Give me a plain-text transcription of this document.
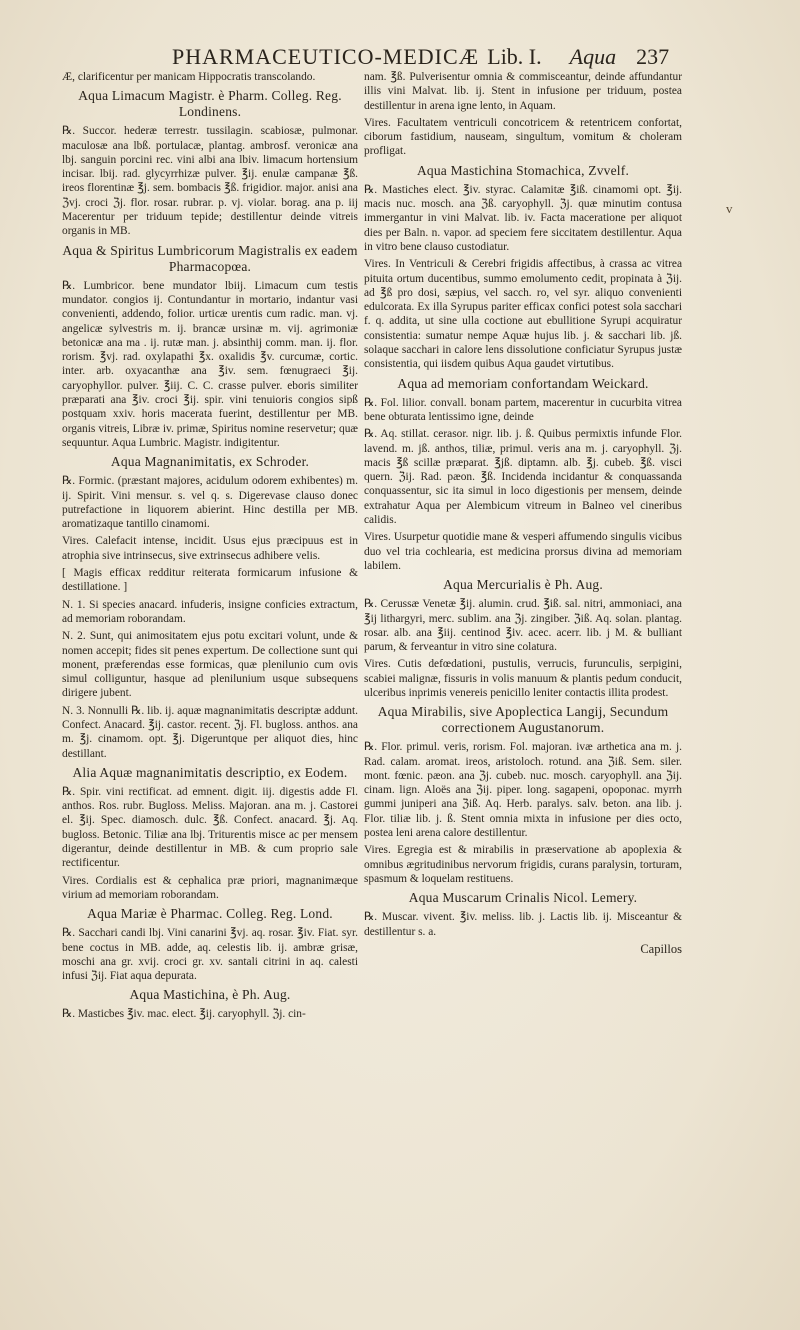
PHARMACEUTICO-MEDICÆ Lib. I. Aqua 237
v

Æ, clarificentur per manicam Hippocratis transcolando.

Aqua Limacum Magistr. è Pharm. Colleg. Reg. Londinens.

℞. Succor. hederæ terrestr. tussilagin. scabiosæ, pulmonar. maculosæ ana lbß. portulacæ, plantag. ambrosf. veronicæ ana lbj. sanguin porcini rec. vini albi ana lbiv. limacum hortensium incisar. lbij. rad. glycyrrhizæ pulver. ℥ij. enulæ campanæ ℥ß. ireos florentinæ ℥j. sem. bombacis ℥ß. frigidior. major. anisi ana ℨvj. croci ℨj. flor. rosar. rubrar. p. vj. violar. borag. ana p. iij Macerentur per triduum tepide; destillentur deinde vitreis organis in MB.

Aqua & Spiritus Lumbricorum Magistralis ex eadem Pharmacopœa.

℞. Lumbricor. bene mundator lbiij. Limacum cum testis mundator. congios ij. Contundantur in mortario, indantur vasi convenienti, addendo, folior. urticæ urentis cum radic. man. vj. angelicæ sylvestris m. ij. brancæ ursinæ m. vij. agrimoniæ betonicæ ana ma . ij. rutæ man. j. absinthij comm. man. ij. flor. rorism. ℥vj. rad. oxylapathi ℥x. oxalidis ℥v. curcumæ, cortic. inter. arb. oxyacanthæ ana ℥iv. sem. fœnugraeci ℥ij. caryophyllor. pulver. ℥iij. C. C. crasse pulver. eboris similiter præparati ana ℥iv. croci ℥ij. spir. vini tenuioris congios sipß postquam xxiv. horis macerata fuerint, destillentur per MB. organis vitreis, Libræ iv. primæ, Spiritus nomine reservetur; quæ sequuntur. Aqua Lumbric. Magistr. indigitentur.

Aqua Magnanimitatis, ex Schroder.

℞. Formic. (præstant majores, acidulum odorem exhibentes) m. ij. Spirit. Vini mensur. s. vel q. s. Digerevase clauso donec putrefactione in liquorem abierint. Hinc destilla per MB. aromatizaque tantillo cinamomi.

Vires. Calefacit intense, incidit. Usus ejus præcipuus est in atrophia sive intrinsecus, sive extrinsecus adhibere velis.

[ Magis efficax redditur reiterata formicarum infusione & destillatione. ]

N. 1. Si species anacard. infuderis, insigne conficies extractum, ad memoriam roborandam.

N. 2. Sunt, qui animositatem ejus potu excitari volunt, unde & nomen accepit; fides sit penes expertum. De collectione sunt qui monent, præferendas esse formicas, quæ plenilunio cum ovis simul colliguntur, hasque ad plenilunium usque subsequens dirigere jubent.

N. 3. Nonnulli ℞. lib. ij. aquæ magnanimitatis descriptæ addunt. Confect. Anacard. ℥ij. castor. recent. ℨj. Fl. bugloss. anthos. ana m. ℥j. cinamom. opt. ℥j. Digeruntque per aliquot dies, hinc destillant.

Alia Aquæ magnanimitatis descriptio, ex Eodem.

℞. Spir. vini rectificat. ad emnent. digit. iij. digestis adde Fl. anthos. Ros. rubr. Bugloss. Meliss. Majoran. ana m. j. Castorei el. ℥ij. Spec. diamosch. dulc. ℥ß. Confect. anacard. ℥j. Aq. bugloss. Betonic. Tiliæ ana lbj. Triturentis misce ac per mensem digerantur, deinde destillentur in MB. & cum proprio sale rectificentur.

Vires. Cordialis est & cephalica præ priori, magnanimæque virium ad memoriam roborandam.

Aqua Mariæ è Pharmac. Colleg. Reg. Lond.

℞. Sacchari candi lbj. Vini canarini ℥vj. aq. rosar. ℥iv. Fiat. syr. bene coctus in MB. adde, aq. celestis lib. ij. ambræ grisæ, moschi ana gr. xvij. croci gr. xv. santali citrini in aq. calesti infusi ℨij. Fiat aqua depurata.

Aqua Mastichina, è Ph. Aug.

℞. Masticbes ℥iv. mac. elect. ℥ij. caryophyll. ℨj. cin-

nam. ℥ß. Pulverisentur omnia & commisceantur, deinde affundantur illis vini Malvat. lib. ij. Stent in infusione per triduum, postea destillentur in arena igne lento, in Aquam.

Vires. Facultatem ventriculi concotricem & retentricem confortat, ciborum fastidium, nauseam, singultum, vomitum & choleram profligat.

Aqua Mastichina Stomachica, Zvvelf.

℞. Mastiches elect. ℥iv. styrac. Calamitæ ℥iß. cinamomi opt. ℥ij. macis nuc. mosch. ana ℨß. caryophyll. ℨj. quæ minutim contusa immergantur in vini Malvat. lib. iv. Facta maceratione per aliquot dies per Baln. n. vapor. ad speciem fere siccitatem destillentur. Aqua in vitro bene clauso custodiatur.

Vires. In Ventriculi & Cerebri frigidis affectibus, à crassa ac vitrea pituita ortum ducentibus, summo emolumento cedit, propinata à ℨij. ad ℥ß pro dosi, sæpius, vel sacch. ro, vel syr. aliquo convenienti edulcorata. Ex illa Syrupus pariter efficax confici potest sola sacchari f. q. addita, ut sine ulla coctione aut ebullitione Syrupi acquiratur consistentia: sumatur nempe Aquæ hujus lib. j. & sacchari lib. jß. solaque sacchari in calore lens dissolutione conficiatur Syrupus justæ consistentia, qui iisdem quibus Aqua gaudet virtutibus.

Aqua ad memoriam confortandam Weickard.

℞. Fol. lilior. convall. bonam partem, macerentur in cucurbita vitrea bene obturata lentissimo igne, deinde

℞. Aq. stillat. cerasor. nigr. lib. j. ß. Quibus permixtis infunde Flor. lavend. m. jß. anthos, tiliæ, primul. veris ana m. j. caryophyll. ℨj. macis ℥ß scillæ præparat. ℥jß. diptamn. alb. ℥j. cubeb. ℥ß. visci quern. ℨij. Rad. pæon. ℥ß. Incidenda incidantur & conquassanda conquassentur, sic ita simul in loco digestionis per mensem, deinde extrahatur Aqua per Alembicum vitreum in Balneo vel cineribus calidis.

Vires. Usurpetur quotidie mane & vesperi affumendo singulis vicibus duo vel tria cochlearia, est medicina prorsus divina ad memoriam labilem.

Aqua Mercurialis è Ph. Aug.

℞. Cerussæ Venetæ ℥ij. alumin. crud. ℥iß. sal. nitri, ammoniaci, ana ℥ij lithargyri, merc. sublim. ana ℨj. zingiber. ℨiß. Aq. solan. plantag. rosar. alb. ana ℥iij. centinod ℥iv. acec. acerr. lib. j M. & bulliant parum, & ferveantur in vitro sine colatura.

Vires. Cutis defœdationi, pustulis, verrucis, furunculis, serpigini, scabiei malignæ, fissuris in volis manuum & plantis pedum conducit, ulceribus inprimis venereis penicillo leniter contactis illita prodest.

Aqua Mirabilis, sive Apoplectica Langij, Secundum correctionem Augustanorum.

℞. Flor. primul. veris, rorism. Fol. majoran. ivæ arthetica ana m. j. Rad. calam. aromat. ireos, aristoloch. rotund. ana ℨiß. Sem. siler. mont. fœnic. pæon. ana ℨj. cubeb. nuc. mosch. caryophyll. ana ℨij. cinam. lign. Aloës ana ℨij. piper. long. sagapeni, opoponac. myrrh gummi juniperi ana ℨiß. Aq. Herb. paralys. salv. beton. ana lib. j. Flor. tiliæ lib. j. ß. Stent omnia mixta in infusione per dies octo, postea leni arena calore destillentur.

Vires. Egregia est & mirabilis in præservatione ab apoplexia & omnibus ægritudinibus nervorum frigidis, curans paralysin, torturam, spasmum & loquelam restituens.

Aqua Muscarum Crinalis Nicol. Lemery.

℞. Muscar. vivent. ℥iv. meliss. lib. j. Lactis lib. ij. Misceantur & destillentur s. a.

Capillos
